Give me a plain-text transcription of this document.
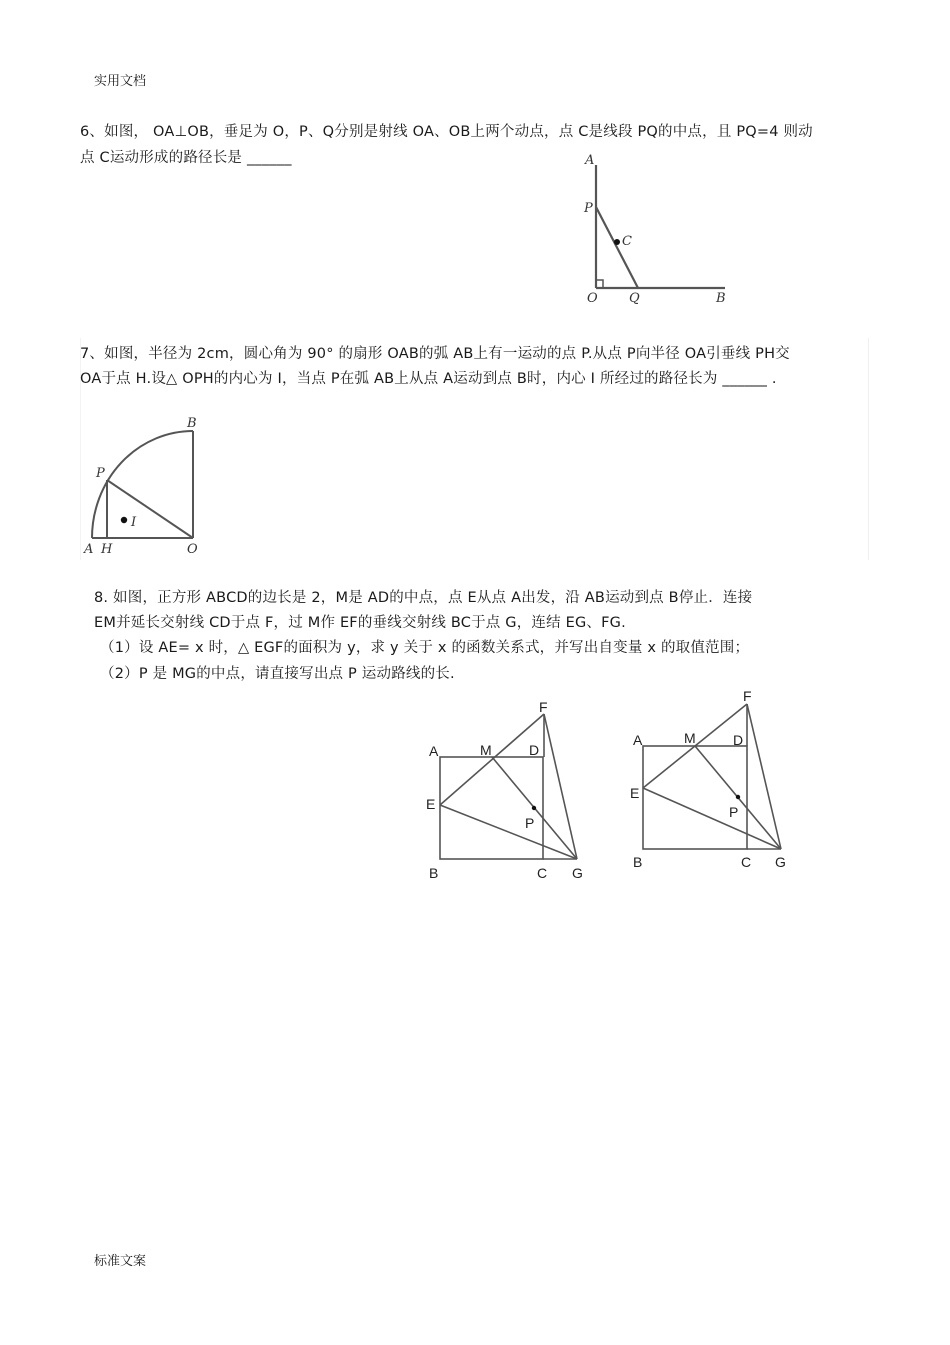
实用文档
6、如图， OA⊥OB，垂足为 O，P、Q分别是射线 OA、OB上两个动点，点 C是线段 PQ的中点，且 PQ=4 则动
点 C运动形成的路径长是 ______	A
P
C
O Q	B
7、如图，半径为 2cm，圆心角为 90° 的扇形 OAB的弧 AB上有一运动的点 P.从点 P向半径 OA引垂线 PH交
OA于点 H.设△ OPH的内心为 I，当点 P在弧 AB上从点 A运动到点 B时，内心 I 所经过的路径长为 ______ .
B
P
I
A H	O
8. 如图，正方形 ABCD的边长是 2，M是 AD的中点，点 E从点 A出发，沿 AB运动到点 B停止．连接
EM并延长交射线 CD于点 F，过 M作 EF的垂线交射线 BC于点 G，连结 EG、FG.
（1）设 AE= x 时，△ EGF的面积为 y，求 y 关于 x 的函数关系式，并写出自变量 x 的取值范围；
（2）P 是 MG的中点，请直接写出点 P 运动路线的长.
A	M	D
F
E
P
B	C G
A	M	D
F
E
P
B	C G
标准文案
